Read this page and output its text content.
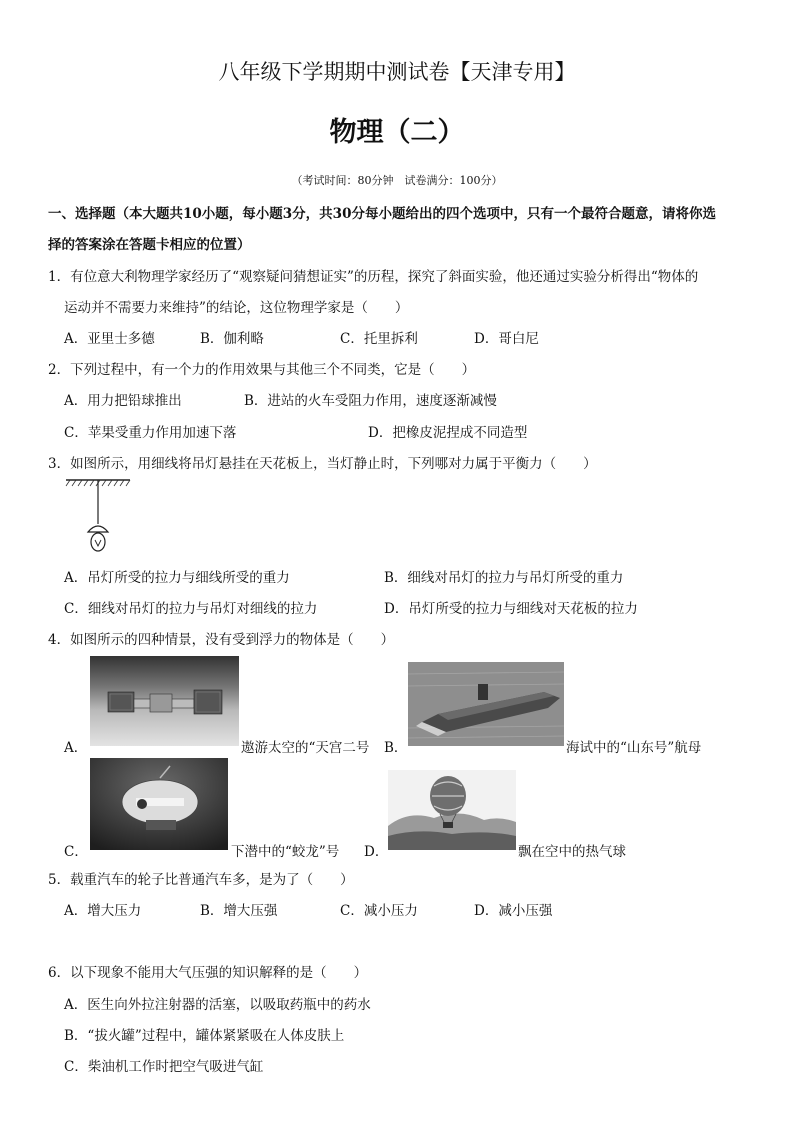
八年级下学期期中测试卷【天津专用】
物理（二）
（考试时间：80分钟　试卷满分：100分）
一、选择题（本大题共10小题，每小题3分，共30分每小题给出的四个选项中，只有一个最符合题意，请将你选
择的答案涂在答题卡相应的位置）
1．有位意大利物理学家经历了“观察疑问猜想证实”的历程，探究了斜面实验，他还通过实验分析得出“物体的
运动并不需要力来维持”的结论，这位物理学家是（　　）
A．亚里士多德	B．伽利略	C．托里拆利	D．哥白尼
2．下列过程中，有一个力的作用效果与其他三个不同类，它是（　　）
A．用力把铅球推出	B．进站的火车受阻力作用，速度逐渐减慢
C．苹果受重力作用加速下落	D．把橡皮泥捏成不同造型
3．如图所示，用细线将吊灯悬挂在天花板上，当灯静止时，下列哪对力属于平衡力（　　）
A．吊灯所受的拉力与细线所受的重力	B．细线对吊灯的拉力与吊灯所受的重力
C．细线对吊灯的拉力与吊灯对细线的拉力	D．吊灯所受的拉力与细线对天花板的拉力
4．如图所示的四种情景，没有受到浮力的物体是（　　）
A．	遨游太空的“天宫二号 B．	海试中的“山东号”航母
C．	下潜中的“蛟龙”号 D．	飘在空中的热气球
5．载重汽车的轮子比普通汽车多，是为了（　　）
A．增大压力	B．增大压强	C．减小压力	D．减小压强
6．以下现象不能用大气压强的知识解释的是（　　）
A．医生向外拉注射器的活塞，以吸取药瓶中的药水
B．“拔火罐”过程中，罐体紧紧吸在人体皮肤上
C．柴油机工作时把空气吸进气缸
